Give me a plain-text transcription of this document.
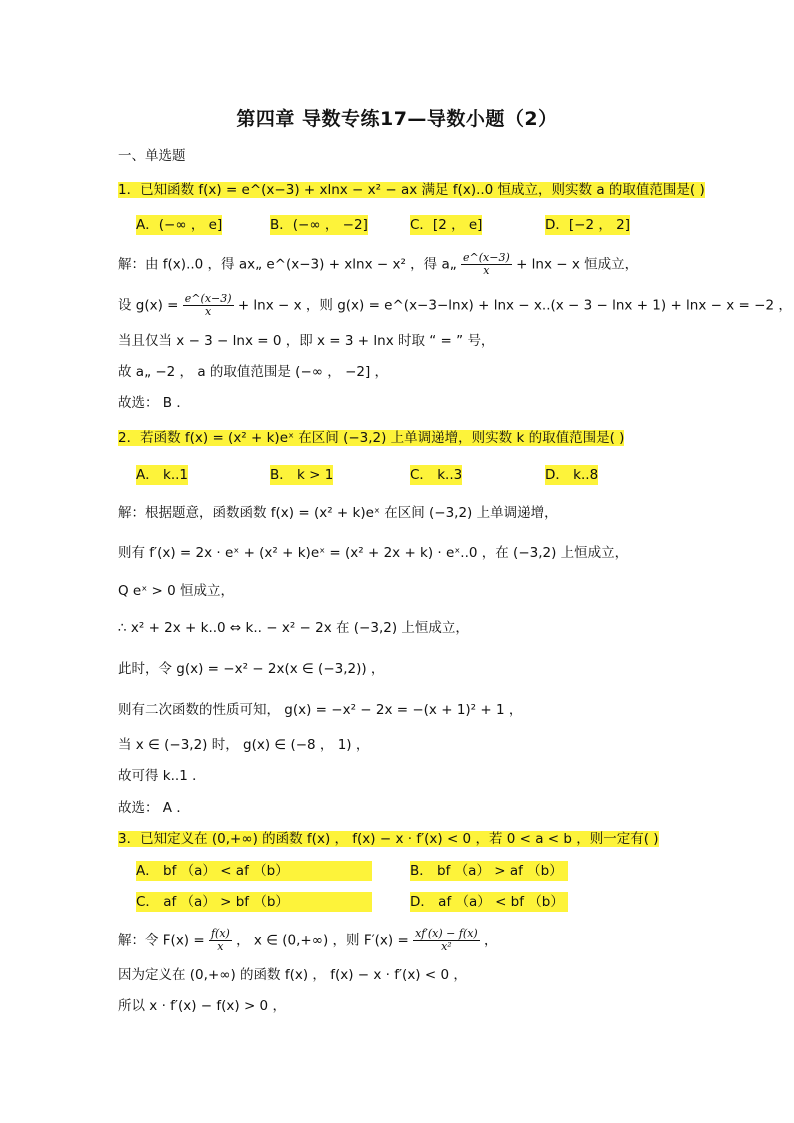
第四章 导数专练17—导数小题（2）
一、单选题
1．已知函数 f(x) = e^(x−3) + xlnx − x² − ax 满足 f(x)..0 恒成立，则实数 a 的取值范围是( )
A．(−∞ ， e]	B．(−∞ ， −2]	C．[2 ， e]	D．[−2 ， 2]
解：由 f(x)..0 ，得 ax„ e^(x−3) + xlnx − x² ，得 a„ $\frac{e\^{}(x-3)}{x} + \ln x - x$ 恒成立，
设 $g(x) = \frac{e\^{}(x-3)}{x} + \ln x - x$ ，则 g(x) = e^(x−3−lnx) + lnx − x..(x − 3 − lnx + 1) + lnx − x = −2 ，
当且仅当 x − 3 − lnx = 0 ，即 x = 3 + lnx 时取 “ = ” 号，
故 a„ −2 ， a 的取值范围是 (−∞ ， −2] ，
故选： B ．
2．若函数 f(x) = (x² + k)eˣ 在区间 (−3,2) 上单调递增，则实数 k 的取值范围是( )
A． k..1	B． k > 1	C． k..3	D． k..8
解：根据题意，函数函数 f(x) = (x² + k)eˣ 在区间 (−3,2) 上单调递增，
则有 f′(x) = 2x · eˣ + (x² + k)eˣ = (x² + 2x + k) · eˣ..0 ，在 (−3,2) 上恒成立，
Q eˣ > 0 恒成立，
∴ x² + 2x + k..0 ⇔ k.. − x² − 2x 在 (−3,2) 上恒成立，
此时，令 g(x) = −x² − 2x(x ∈ (−3,2)) ，
则有二次函数的性质可知， g(x) = −x² − 2x = −(x + 1)² + 1 ，
当 x ∈ (−3,2) 时， g(x) ∈ (−8 ， 1) ，
故可得 k..1 ．
故选： A ．
3．已知定义在 (0,+∞) 的函数 f(x) ， f(x) − x · f′(x) < 0 ，若 0 < a < b ，则一定有( )
A． bf （a） < af （b）	B． bf （a） > af （b）
C． af （a） > bf （b）	D． af （a） < bf （b）
解：令 $F(x) = \frac{f(x)}{x}$ ， x ∈ (0,+∞) ，则 $F'(x) = \frac{xf'(x) - f(x)}{\text{x²}}$ ，
因为定义在 (0,+∞) 的函数 f(x) ， f(x) − x · f′(x) < 0 ，
所以 x · f′(x) − f(x) > 0 ，
